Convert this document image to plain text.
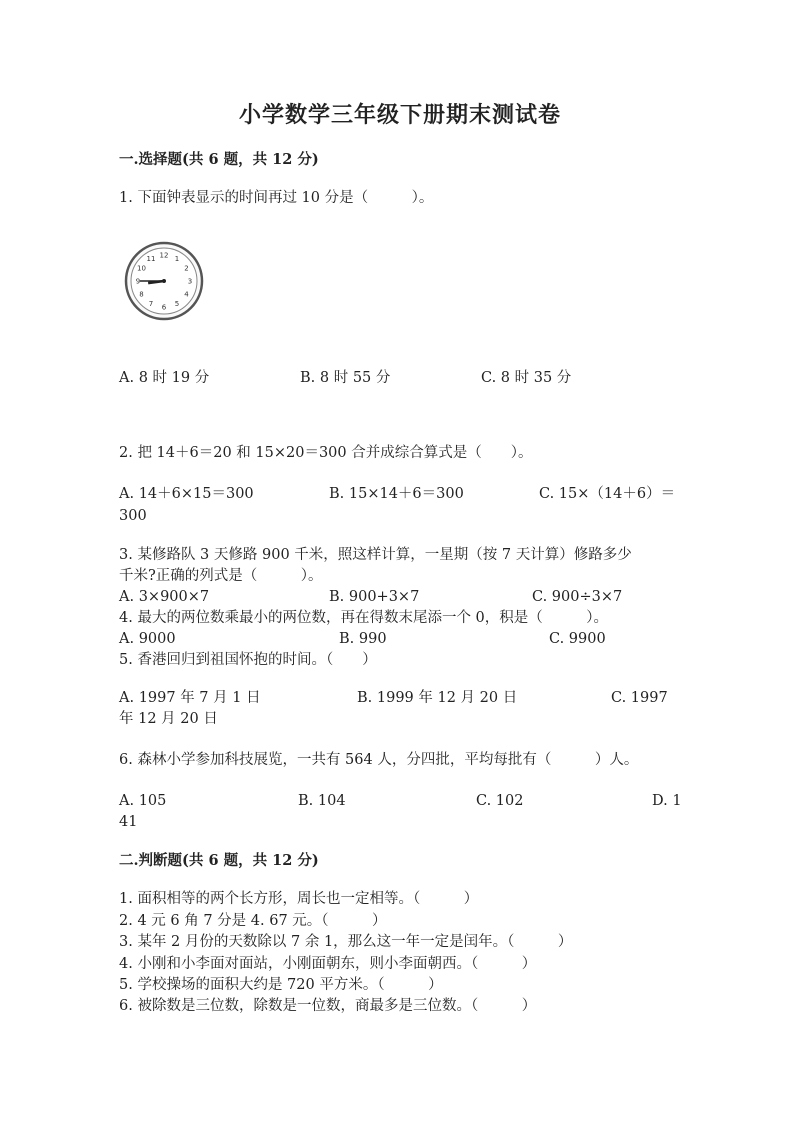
小学数学三年级下册期末测试卷
一.选择题(共 6 题，共 12 分)
1. 下面钟表显示的时间再过 10 分是（　　　）。
12 1
2
3
4
5
6
7
8
9
10
11
A. 8 时 19 分	B. 8 时 55 分	C. 8 时 35 分
2. 把 14＋6＝20 和 15×20＝300 合并成综合算式是（　　）。
A. 14＋6×15＝300	B. 15×14＋6＝300	C. 15×（14＋6）＝
300
3. 某修路队 3 天修路 900 千米，照这样计算，一星期（按 7 天计算）修路多少
千米?正确的列式是（　　　）。
A. 3×900×7	B. 900+3×7	C. 900÷3×7
4. 最大的两位数乘最小的两位数，再在得数末尾添一个 0，积是（　　　）。
A. 9000	B. 990	C. 9900
5. 香港回归到祖国怀抱的时间。（　　）
A. 1997 年 7 月 1 日	B. 1999 年 12 月 20 日	C. 1997
年 12 月 20 日
6. 森林小学参加科技展览，一共有 564 人，分四批，平均每批有（　　　）人。
A. 105	B. 104	C. 102	D. 1
41
二.判断题(共 6 题，共 12 分)
1. 面积相等的两个长方形，周长也一定相等。（　　　）
2. 4 元 6 角 7 分是 4. 67 元。（　　　）
3. 某年 2 月份的天数除以 7 余 1，那么这一年一定是闰年。（　　　）
4. 小刚和小李面对面站，小刚面朝东，则小李面朝西。（　　　）
5. 学校操场的面积大约是 720 平方米。（　　　）
6. 被除数是三位数，除数是一位数，商最多是三位数。（　　　）
